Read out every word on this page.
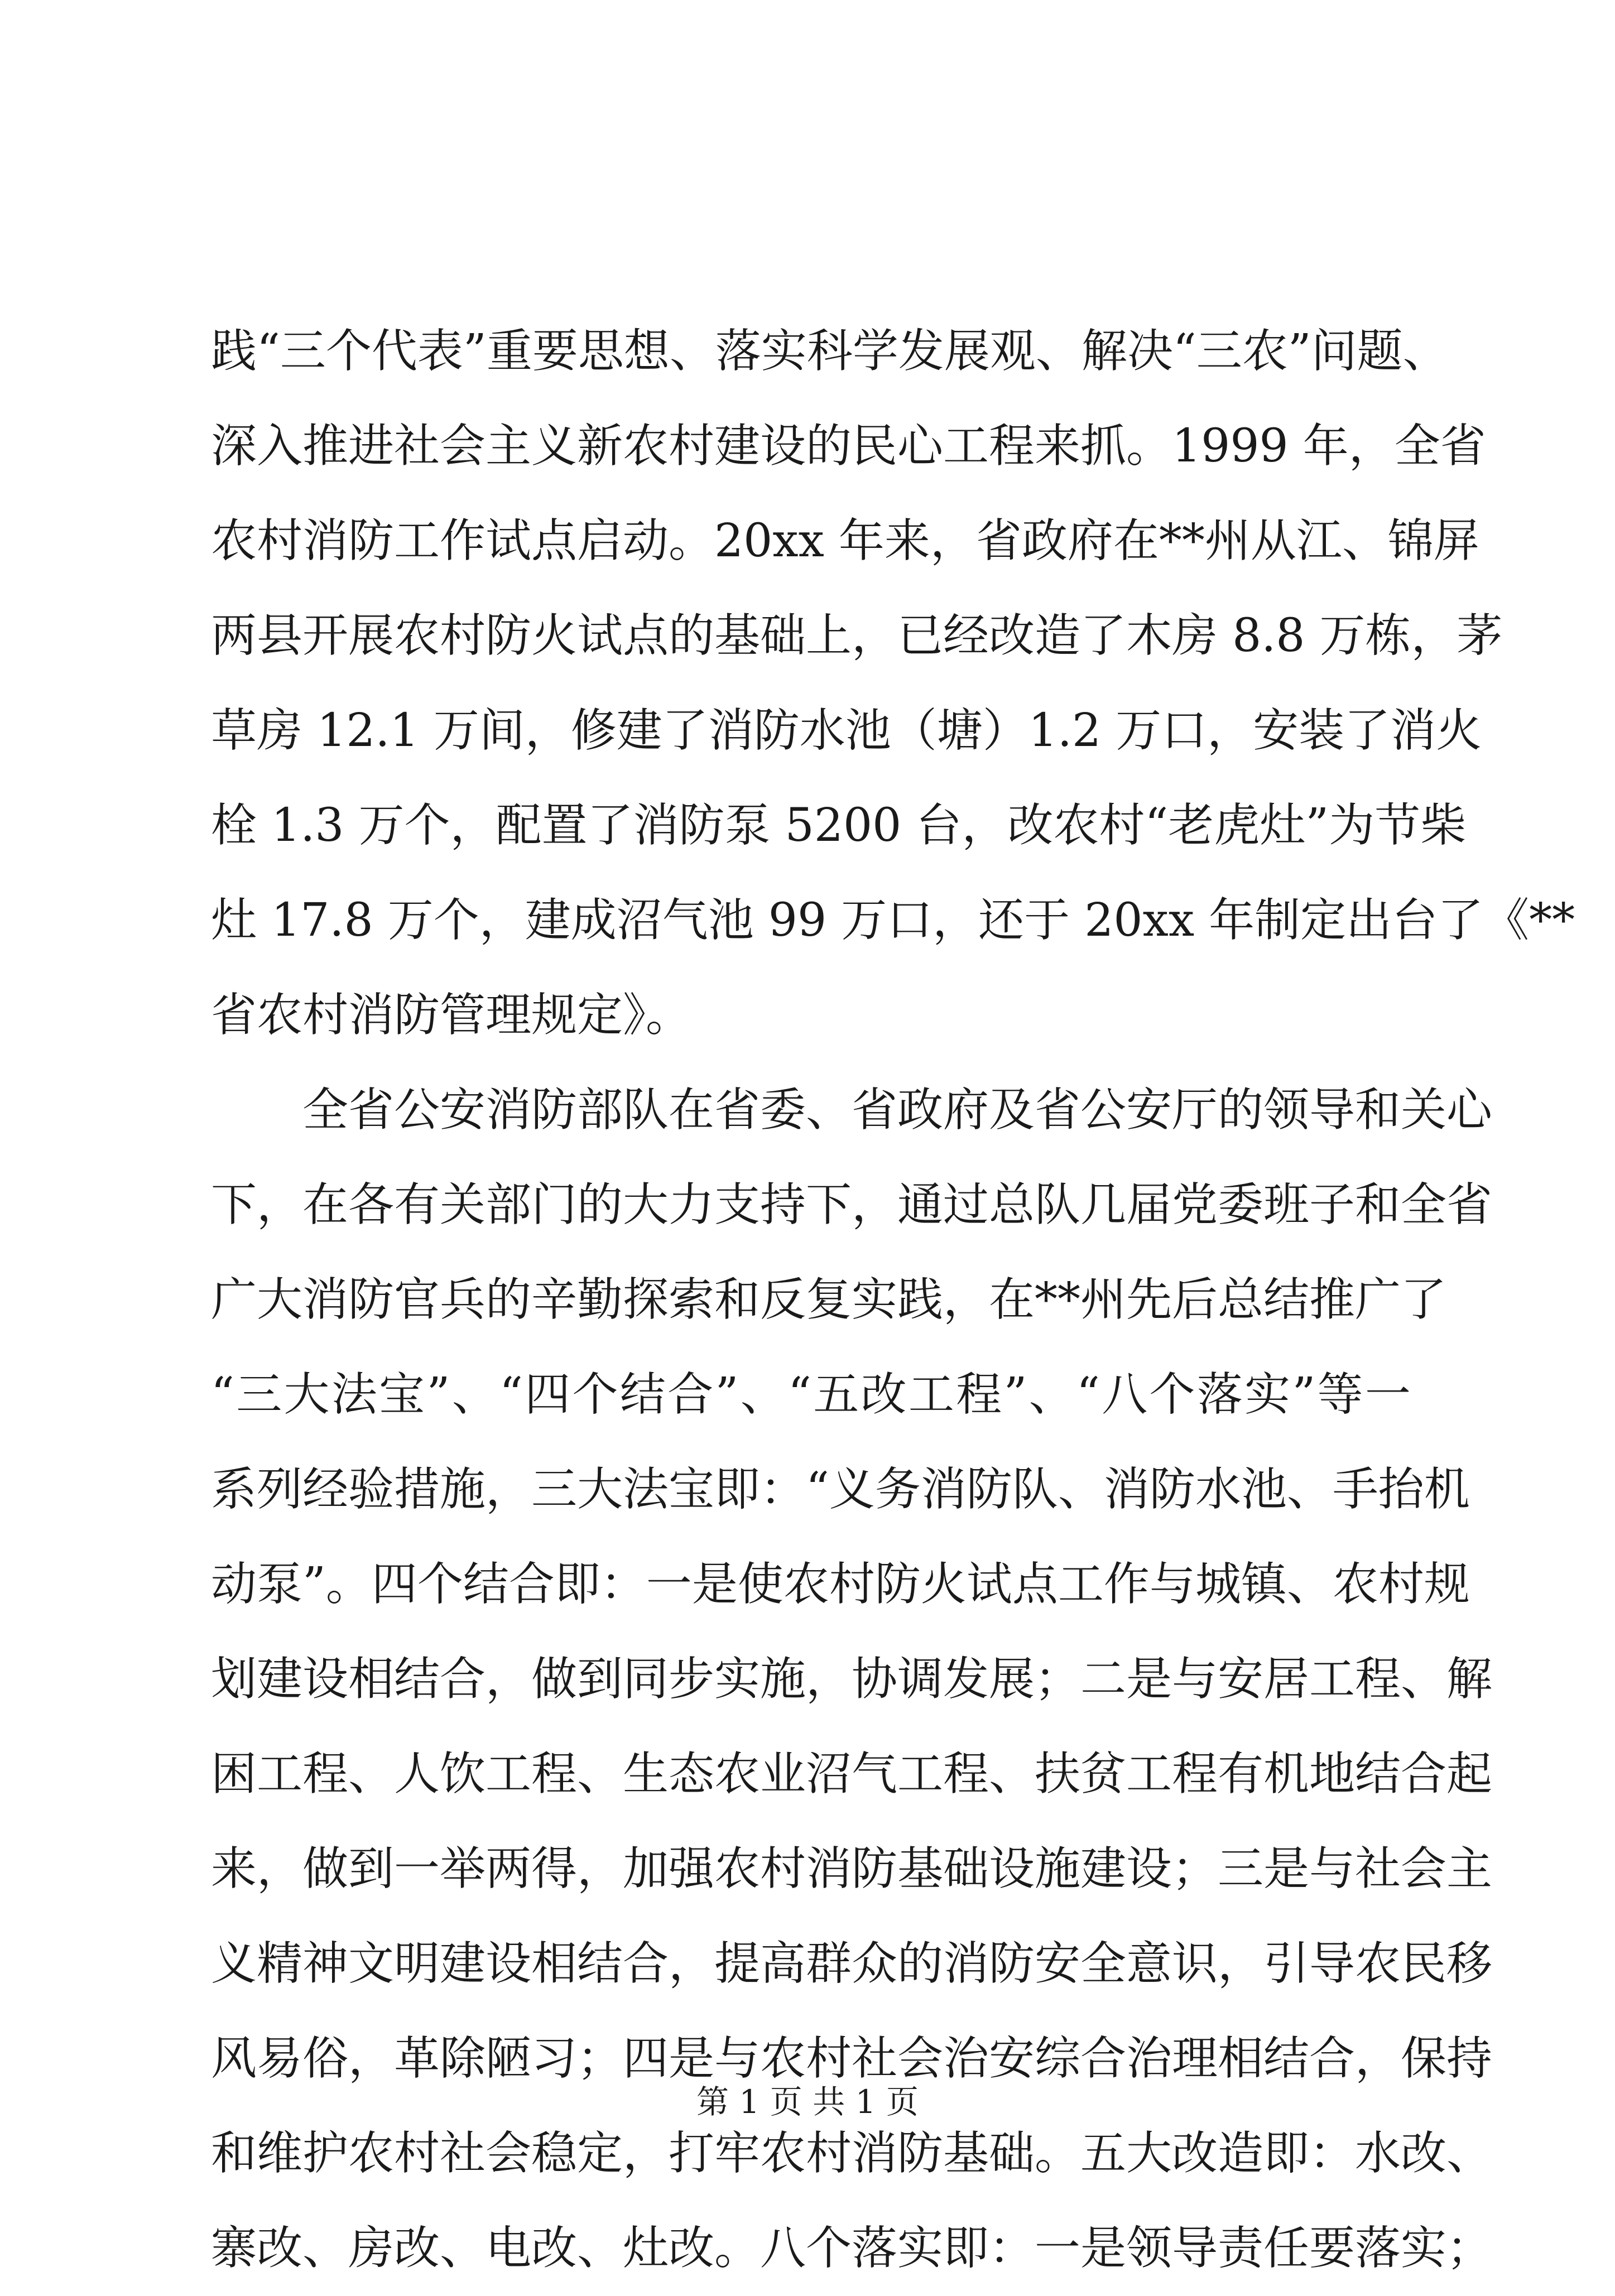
践“三个代表”重要思想、落实科学发展观、解决“三农”问题、
深入推进社会主义新农村建设的民心工程来抓。1999 年，全省
农村消防工作试点启动。20xx 年来，省政府在**州从江、锦屏
两县开展农村防火试点的基础上，已经改造了木房 8.8 万栋，茅
草房 12.1 万间，修建了消防水池（塘）1.2 万口，安装了消火
栓 1.3 万个，配置了消防泵 5200 台，改农村“老虎灶”为节柴
灶 17.8 万个，建成沼气池 99 万口，还于 20xx 年制定出台了《**
省农村消防管理规定》。
全省公安消防部队在省委、省政府及省公安厅的领导和关心
下，在各有关部门的大力支持下，通过总队几届党委班子和全省
广大消防官兵的辛勤探索和反复实践，在**州先后总结推广了
“三大法宝”、“四个结合”、“五改工程”、“八个落实”等一
系列经验措施，三大法宝即：“义务消防队、消防水池、手抬机
动泵”。四个结合即：一是使农村防火试点工作与城镇、农村规
划建设相结合，做到同步实施，协调发展；二是与安居工程、解
困工程、人饮工程、生态农业沼气工程、扶贫工程有机地结合起
来，做到一举两得，加强农村消防基础设施建设；三是与社会主
义精神文明建设相结合，提高群众的消防安全意识，引导农民移
风易俗，革除陋习；四是与农村社会治安综合治理相结合，保持
和维护农村社会稳定，打牢农村消防基础。五大改造即：水改、
寨改、房改、电改、灶改。八个落实即：一是领导责任要落实；
第 1 页 共 1 页
